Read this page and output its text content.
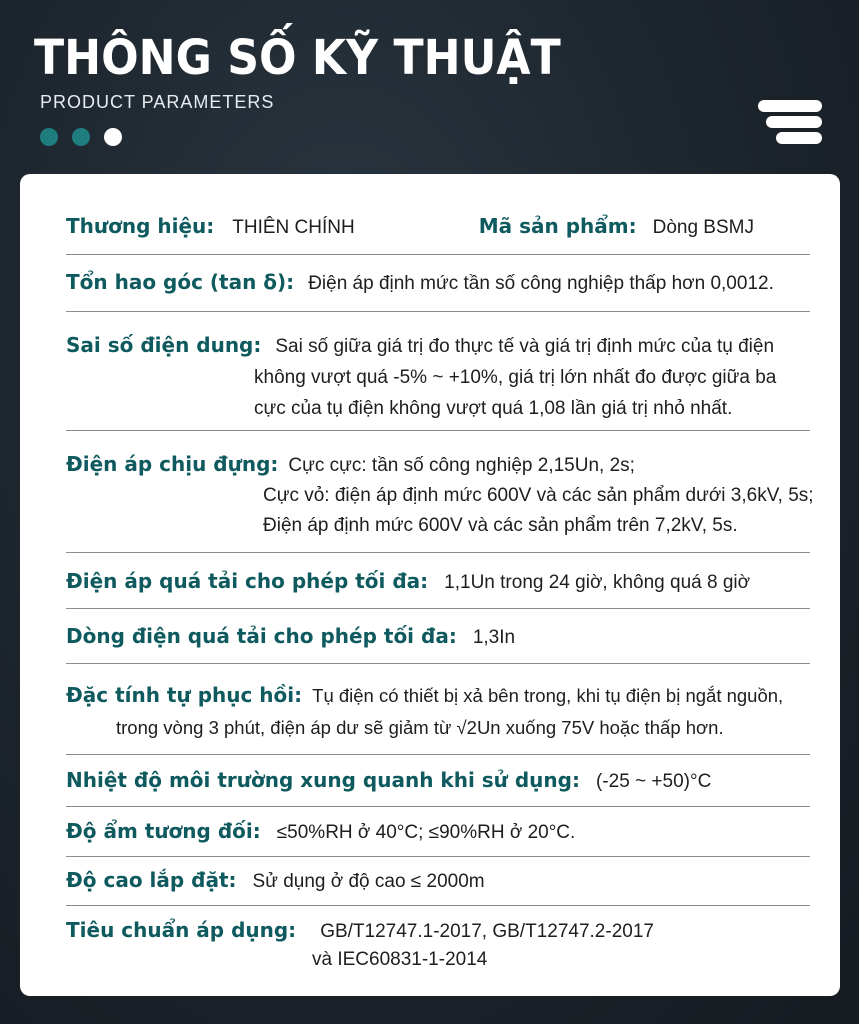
THÔNG SỐ KỸ THUẬT
PRODUCT PARAMETERS
Thương hiệu: THIÊN CHÍNH	Mã sản phẩm: Dòng BSMJ
Tổn hao góc (tan δ): Điện áp định mức tần số công nghiệp thấp hơn 0,0012.
Sai số điện dung: Sai số giữa giá trị đo thực tế và giá trị định mức của tụ điện
không vượt quá -5% ~ +10%, giá trị lớn nhất đo được giữa ba
cực của tụ điện không vượt quá 1,08 lần giá trị nhỏ nhất.
Điện áp chịu đựng: Cực cực: tần số công nghiệp 2,15Un, 2s;
Cực vỏ: điện áp định mức 600V và các sản phẩm dưới 3,6kV, 5s;
Điện áp định mức 600V và các sản phẩm trên 7,2kV, 5s.
Điện áp quá tải cho phép tối đa: 1,1Un trong 24 giờ, không quá 8 giờ
Dòng điện quá tải cho phép tối đa: 1,3In
Đặc tính tự phục hồi: Tụ điện có thiết bị xả bên trong, khi tụ điện bị ngắt nguồn,
trong vòng 3 phút, điện áp dư sẽ giảm từ √2Un xuống 75V hoặc thấp hơn.
Nhiệt độ môi trường xung quanh khi sử dụng: (-25 ~ +50)°C
Độ ẩm tương đối: ≤50%RH ở 40°C; ≤90%RH ở 20°C.
Độ cao lắp đặt: Sử dụng ở độ cao ≤ 2000m
Tiêu chuẩn áp dụng: GB/T12747.1-2017, GB/T12747.2-2017
và IEC60831-1-2014
